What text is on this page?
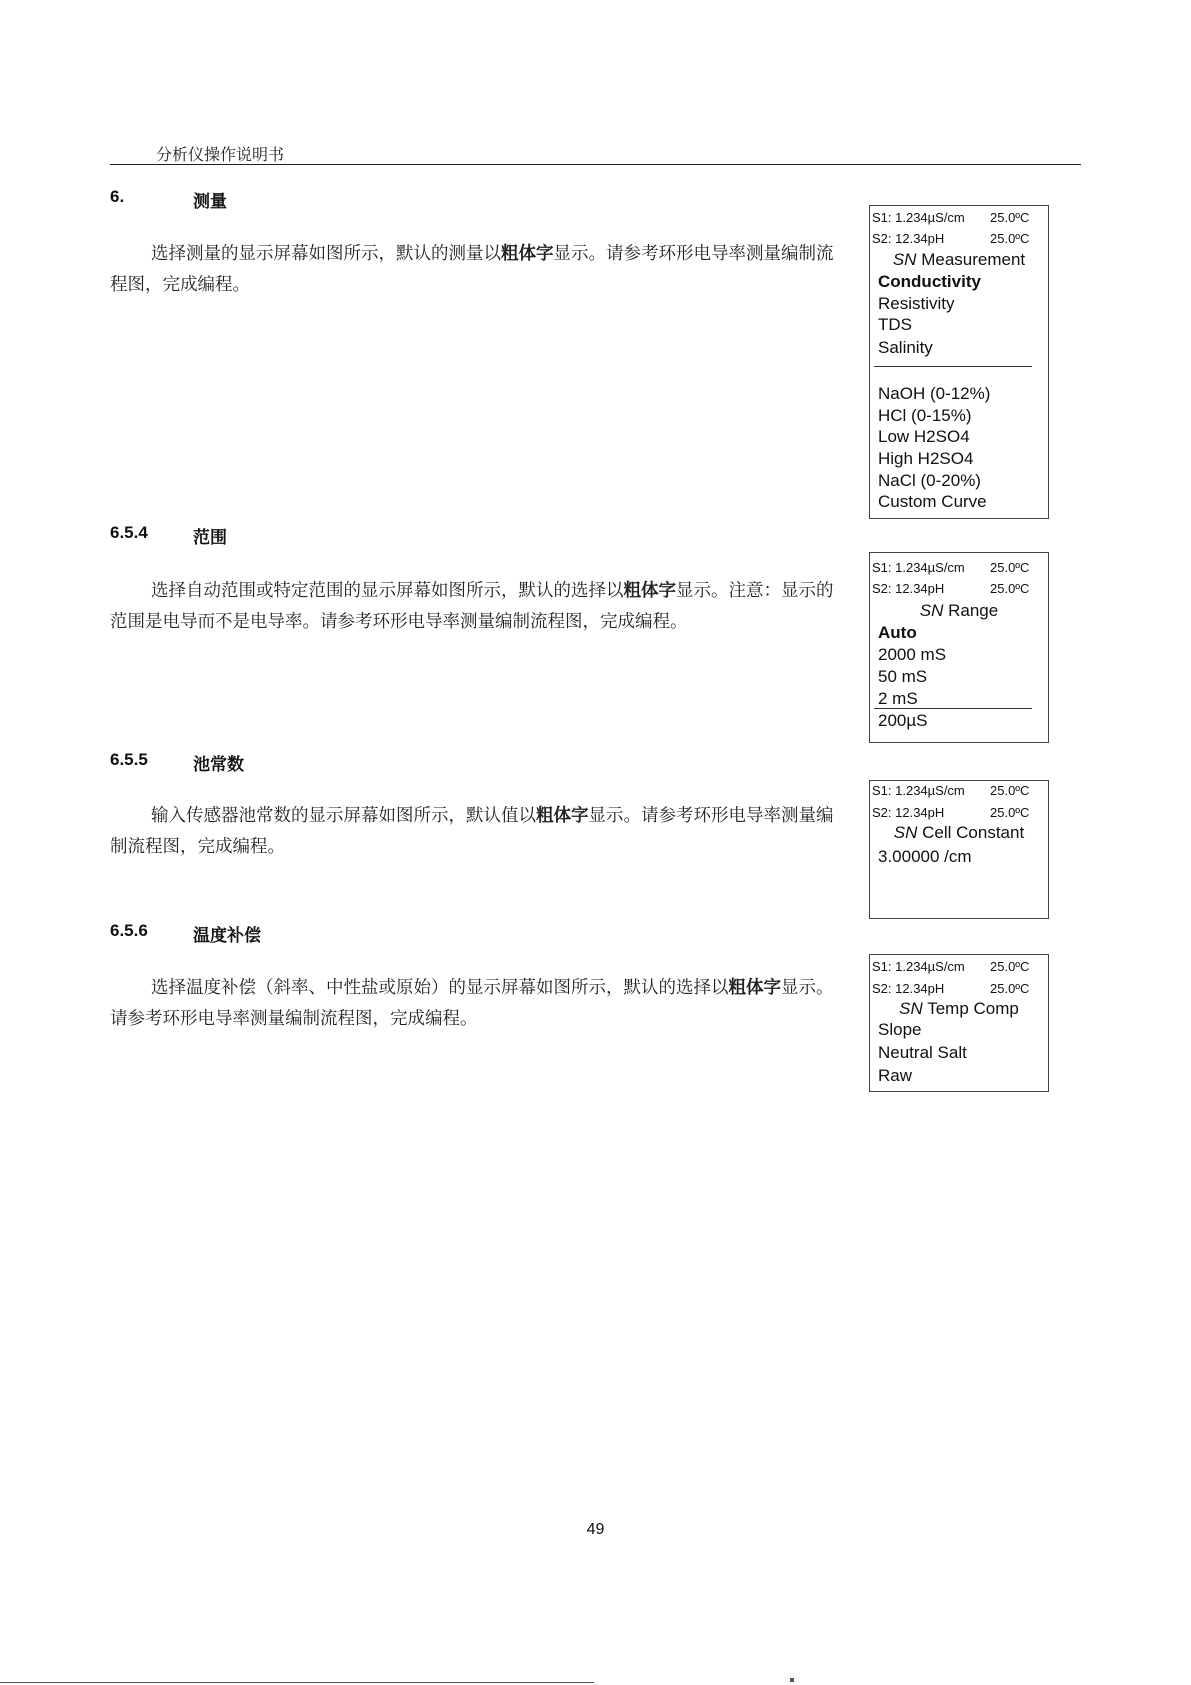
分析仪操作说明书
6.	测量

选择测量的显示屏幕如图所示，默认的测量以粗体字显示。请参考环形电导率测量编制流程图，完成编程。

6.5.4	范围

选择自动范围或特定范围的显示屏幕如图所示，默认的选择以粗体字显示。注意：显示的范围是电导而不是电导率。请参考环形电导率测量编制流程图，完成编程。

6.5.5	池常数

输入传感器池常数的显示屏幕如图所示，默认值以粗体字显示。请参考环形电导率测量编制流程图，完成编程。

6.5.6	温度补偿

选择温度补偿（斜率、中性盐或原始）的显示屏幕如图所示，默认的选择以粗体字显示。请参考环形电导率测量编制流程图，完成编程。

S1: 1.234µS/cm 25.0ºC
S2: 12.34pH	25.0ºC
SN Measurement
Conductivity
Resistivity
TDS
Salinity
NaOH (0-12%)
HCl (0-15%)
Low H2SO4
High H2SO4
NaCl (0-20%)
Custom Curve
S1: 1.234µS/cm 25.0ºC
S2: 12.34pH	25.0ºC
SN Range
Auto
2000 mS
50 mS
2 mS
200µS
S1: 1.234µS/cm 25.0ºC
S2: 12.34pH	25.0ºC
SN Cell Constant
3.00000 /cm
S1: 1.234µS/cm 25.0ºC
S2: 12.34pH	25.0ºC
SN Temp Comp
Slope
Neutral Salt
Raw
49
